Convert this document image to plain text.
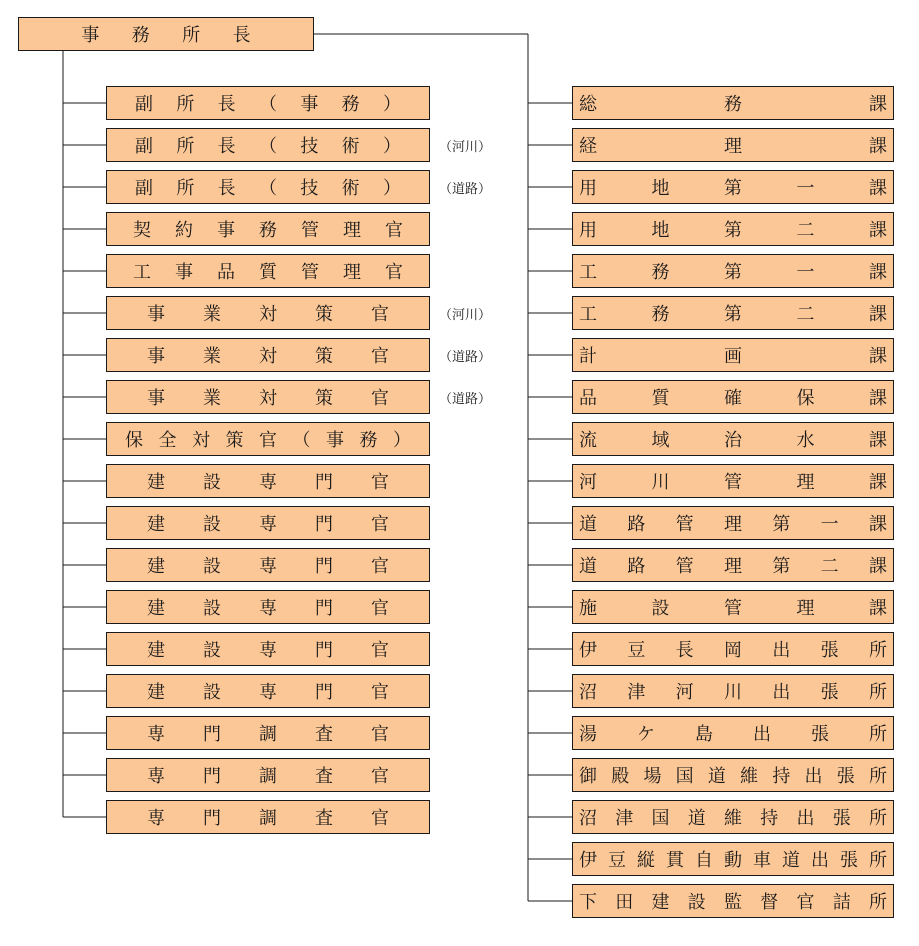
事 務 所 長
副 所 長 （ 事 務 ）
副 所 長 （ 技 術 ）	（河川）
副 所 長 （ 技 術 ）	（道路）
契 約 事 務 管 理 官
工 事 品 質 管 理 官
事 業 対 策 官	（河川）
事 業 対 策 官	（道路）
事 業 対 策 官	（道路）
保 全 対 策 官 （ 事 務 ）
建 設 専 門 官
建 設 専 門 官
建 設 専 門 官
建 設 専 門 官
建 設 専 門 官
建 設 専 門 官
専 門 調 査 官
専 門 調 査 官
専 門 調 査 官
総	務	課
経	理	課
用	地	第	一	課
用	地	第	二	課
工	務	第	一	課
工	務	第	二	課
計	画	課
品	質	確	保	課
流	域	治	水	課
河	川	管	理	課
道 路 管 理 第 一 課
道 路 管 理 第 二 課
施	設	管	理	課
伊 豆 長 岡 出 張 所
沼 津 河 川 出 張 所
湯 ケ 島 出 張 所
御 殿 場 国 道 維 持 出 張 所
沼 津 国 道 維 持 出 張 所
伊 豆 縦 貫 自 動 車 道 出 張 所
下 田 建 設 監 督 官 詰 所
